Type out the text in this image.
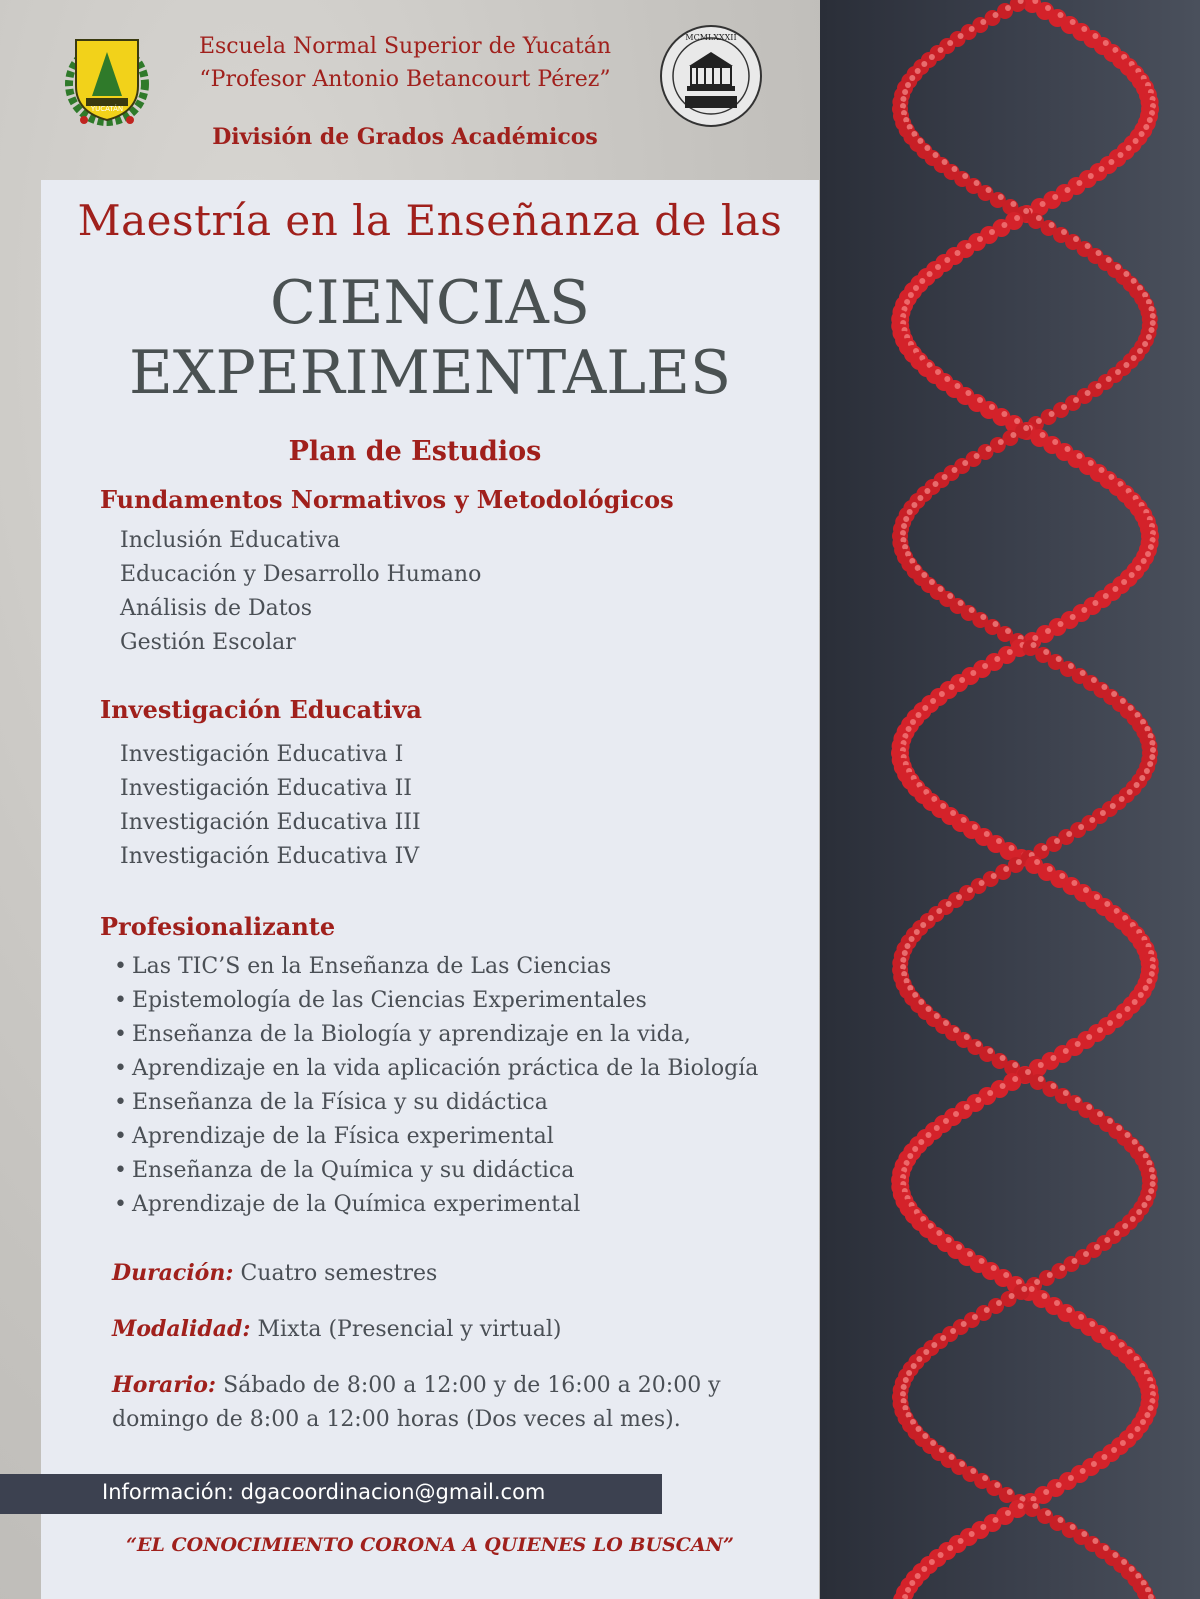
YUCATÁN
Escuela Normal Superior de Yucatán
“Profesor Antonio Betancourt Pérez”
División de Grados Académicos
MCMLXXXII
Maestría en la Enseñanza de las
CIENCIAS
EXPERIMENTALES
Plan de Estudios
Fundamentos Normativos y Metodológicos
Inclusión Educativa
Educación y Desarrollo Humano
Análisis de Datos
Gestión Escolar
Investigación Educativa
Investigación Educativa I
Investigación Educativa II
Investigación Educativa III
Investigación Educativa IV
Profesionalizante
• Las TIC’S en la Enseñanza de Las Ciencias
• Epistemología de las Ciencias Experimentales
• Enseñanza de la Biología y aprendizaje en la vida,
• Aprendizaje en la vida aplicación práctica de la Biología
• Enseñanza de la Física y su didáctica
• Aprendizaje de la Física experimental
• Enseñanza de la Química y su didáctica
• Aprendizaje de la Química experimental
Duración: Cuatro semestres
Modalidad: Mixta (Presencial y virtual)
Horario: Sábado de 8:00 a 12:00 y de 16:00 a 20:00 y domingo de 8:00 a 12:00 horas (Dos veces al mes).
Información: dgacoordinacion@gmail.com
“EL CONOCIMIENTO CORONA A QUIENES LO BUSCAN”
